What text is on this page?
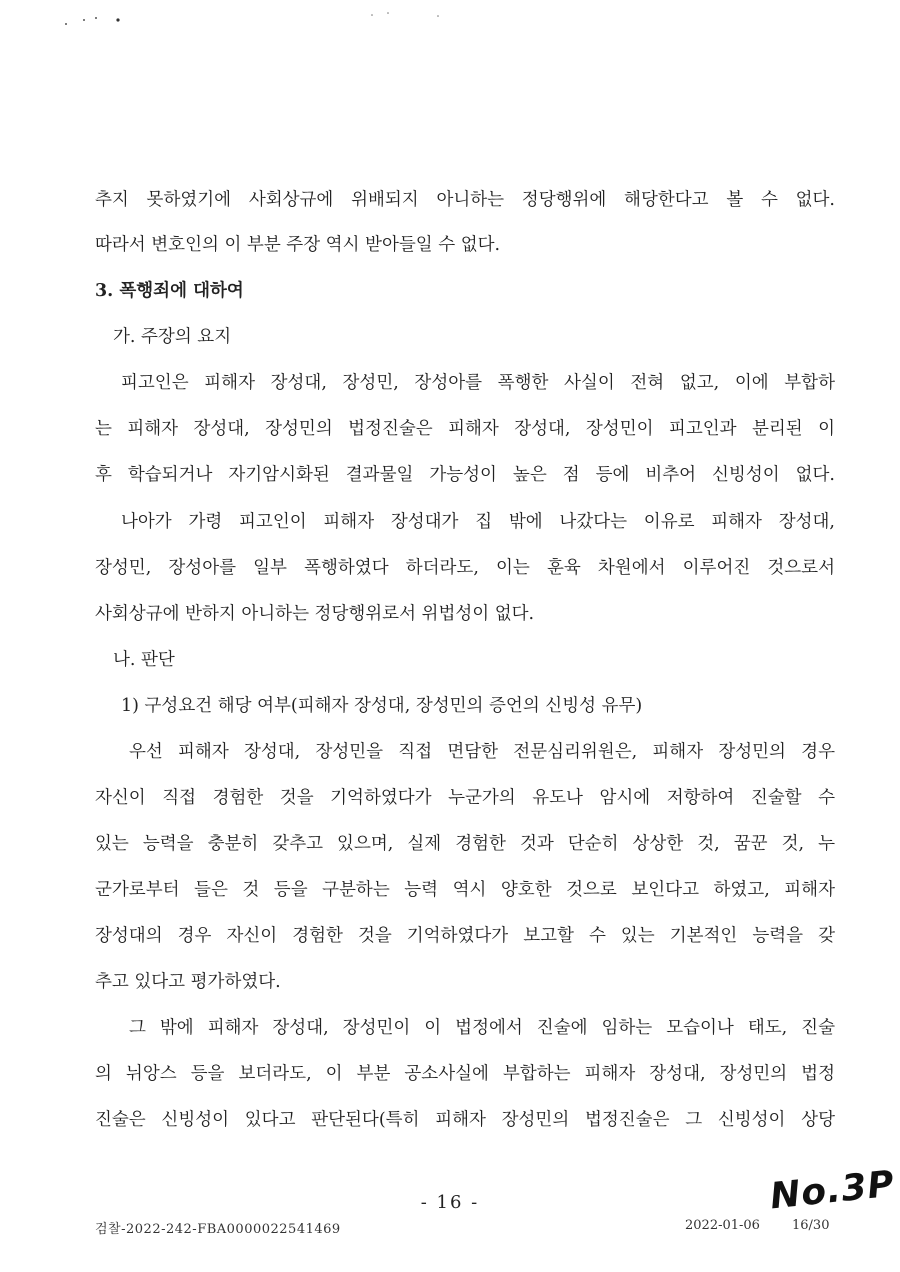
추지 못하였기에 사회상규에 위배되지 아니하는 정당행위에 해당한다고 볼 수 없다.
따라서 변호인의 이 부분 주장 역시 받아들일 수 없다.
3. 폭행죄에 대하여
가. 주장의 요지
피고인은 피해자 장성대, 장성민, 장성아를 폭행한 사실이 전혀 없고, 이에 부합하
는 피해자 장성대, 장성민의 법정진술은 피해자 장성대, 장성민이 피고인과 분리된 이
후 학습되거나 자기암시화된 결과물일 가능성이 높은 점 등에 비추어 신빙성이 없다.
나아가 가령 피고인이 피해자 장성대가 집 밖에 나갔다는 이유로 피해자 장성대,
장성민, 장성아를 일부 폭행하였다 하더라도, 이는 훈육 차원에서 이루어진 것으로서
사회상규에 반하지 아니하는 정당행위로서 위법성이 없다.
나. 판단
1) 구성요건 해당 여부(피해자 장성대, 장성민의 증언의 신빙성 유무)
우선 피해자 장성대, 장성민을 직접 면담한 전문심리위원은, 피해자 장성민의 경우
자신이 직접 경험한 것을 기억하였다가 누군가의 유도나 암시에 저항하여 진술할 수
있는 능력을 충분히 갖추고 있으며, 실제 경험한 것과 단순히 상상한 것, 꿈꾼 것, 누
군가로부터 들은 것 등을 구분하는 능력 역시 양호한 것으로 보인다고 하였고, 피해자
장성대의 경우 자신이 경험한 것을 기억하였다가 보고할 수 있는 기본적인 능력을 갖
추고 있다고 평가하였다.
그 밖에 피해자 장성대, 장성민이 이 법정에서 진술에 임하는 모습이나 태도, 진술
의 뉘앙스 등을 보더라도, 이 부분 공소사실에 부합하는 피해자 장성대, 장성민의 법정
진술은 신빙성이 있다고 판단된다(특히 피해자 장성민의 법정진술은 그 신빙성이 상당
No.3P
- 16 -
검찰-2022-242-FBA0000022541469	2022-01-06 16/30
